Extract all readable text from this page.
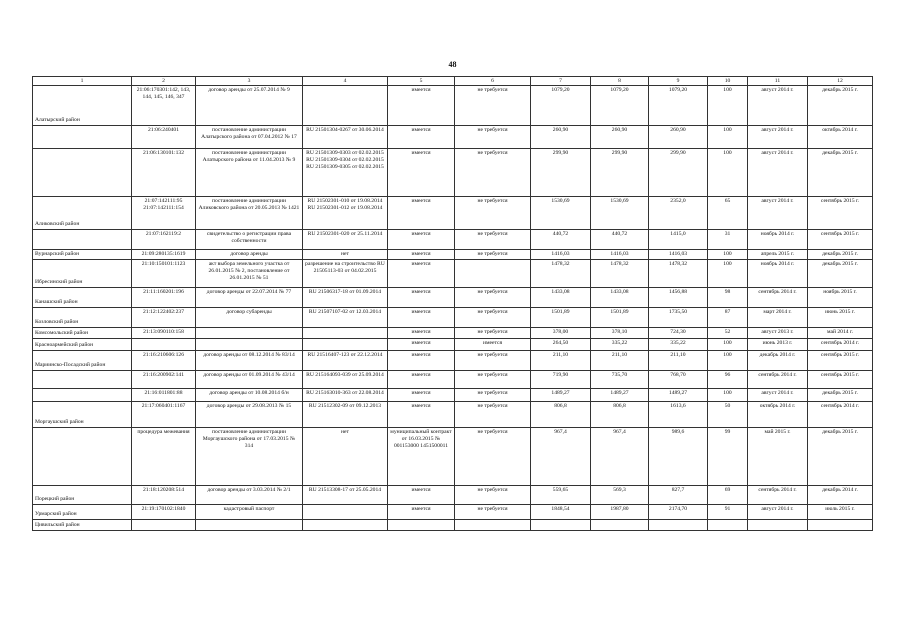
48
1	2	3	4	5	6	7	8	9	10	11	12
Алатырский район	21:06:170301:142, 143, 144, 145, 146, 347	договор аренды от 25.07.2014 № 9		имеется	не требуется	1079,20	1079,20	1079,20	100	август 2014 г.	декабрь 2015 г.
	21:06:240401	постановление администрации Алатырского района от 07.04.2012 № 17	RU 21501304-0267 от 30.06.2014	имеется	не требуется	260,90	260,90	260,90	100	август 2014 г.	октябрь 2014 г.
	21:06:130101:132	постановление администрации Алатырского района от 11.04.2013 № 9	RU 21501309-0303 от 02.02.2015 RU 21501309-0304 от 02.02.2015 RU 21501309-0305 от 02.02.2015	имеется	не требуется	299,90	299,90	299,90	100	август 2014 г.	декабрь 2015 г.
Аликовский район	21:07:142111:95 21:07:142111:154	постановление администрации Аликовского района от 20.05.2013 № 1421	RU 21502301-010 от 19.08.2014 RU 21502301-012 от 19.08.2014	имеется	не требуется	1530,69	1530,69	2352,0	65	август 2014 г.	сентябрь 2015 г.
	21:07:162119:2	свидетельство о регистрации права собственности	RU 21502301-020 от 25.11.2014	имеется	не требуется	440,72	440,72	1415,0	31	ноябрь 2014 г.	сентябрь 2015 г.
Вурнарский район	21:09:280135:1619	договор аренды	нет	имеется	не требуется	1416,03	1416,03	1416,03	100	апрель 2015 г.	декабрь 2015 г.
Ибресинский район	21:10:150101:1123	акт выбора земельного участка от 26.01.2015 № 2, постановление от 26.01.2015 № 51	разрешение на строительство RU 21505113-03 от 04.02.2015	имеется		1478,32	1478,32	1478,32	100	ноябрь 2014 г.	декабрь 2015 г.
Канашский район	21:11:160201:196	договор аренды от 22.07.2014 № 77	RU 21506317-18 от 01.09.2014	имеется	не требуется	1433,08	1433,08	1456,88	98	сентябрь 2014 г.	ноябрь 2015 г.
Козловский район	21:12:122402:237	договор субаренды	RU 21507107-02 от 12.03.2014	имеется	не требуется	1501,89	1501,89	1735,50	87	март 2014 г.	июнь 2015 г.
Комсомольский район	21:13:090110:158			имеется	не требуется	378,00	378,10	724,30	52	август 2013 г.	май 2014 г.
Красноармейский район				имеется	имеется	264,50	335,22	335,22	100	июнь 2013 г.	сентябрь 2014 г.
Мариинско-Посадский район	21:16:210606:126	договор аренды от 08.12.2014 № 83/14	RU 21516407-123 от 22.12.2014	имеется	не требуется	211,10	211,10	211,10	100	декабрь 2014 г.	сентябрь 2015 г.
	21:16:200902:141	договор аренды от 01.09.2014 № 43/14	RU 215164093-039 от 25.09.2014	имеется	не требуется	719,90	735,70	768,70	96	сентябрь 2014 г.	сентябрь 2015 г.
	21:16:011801:88	договор аренды от 10.08.2014 б/н	RU 215163010-363 от 22.08.2014	имеется	не требуется	1489,27	1489,27	1489,27	100	август 2014 г.	декабрь 2015 г.
Моргаушский район	21:17:060401:1167	договор аренды от 29.08.2013 № 15	RU 21512302-09 от 09.12.2013	имеется	не требуется	806,8	806,8	1613,6	50	октябрь 2014 г.	сентябрь 2014 г.
	процедура межевания	постановление администрации Моргаушского района от 17.03.2015 № 314	нет	муниципальный контракт от 16.03.2015 № 001153000 1451500011	не требуется	967,4	967,4	989,6	99	май 2015 г.	декабрь 2015 г.
Порецкий район	21:18:120208:514	договор аренды от 3.03.2014 № 2/1	RU 21513308-17 от 25.05.2014	имеется	не требуется	559,65	569,3	827,7	69	сентябрь 2014 г.	декабрь 2014 г.
Урмарский район	21:19:170102:1840	кадастровый паспорт		имеется	не требуется	1848,54	1987,80	2174,70	91	август 2014 г.	июль 2015 г.
Цивильский район											
